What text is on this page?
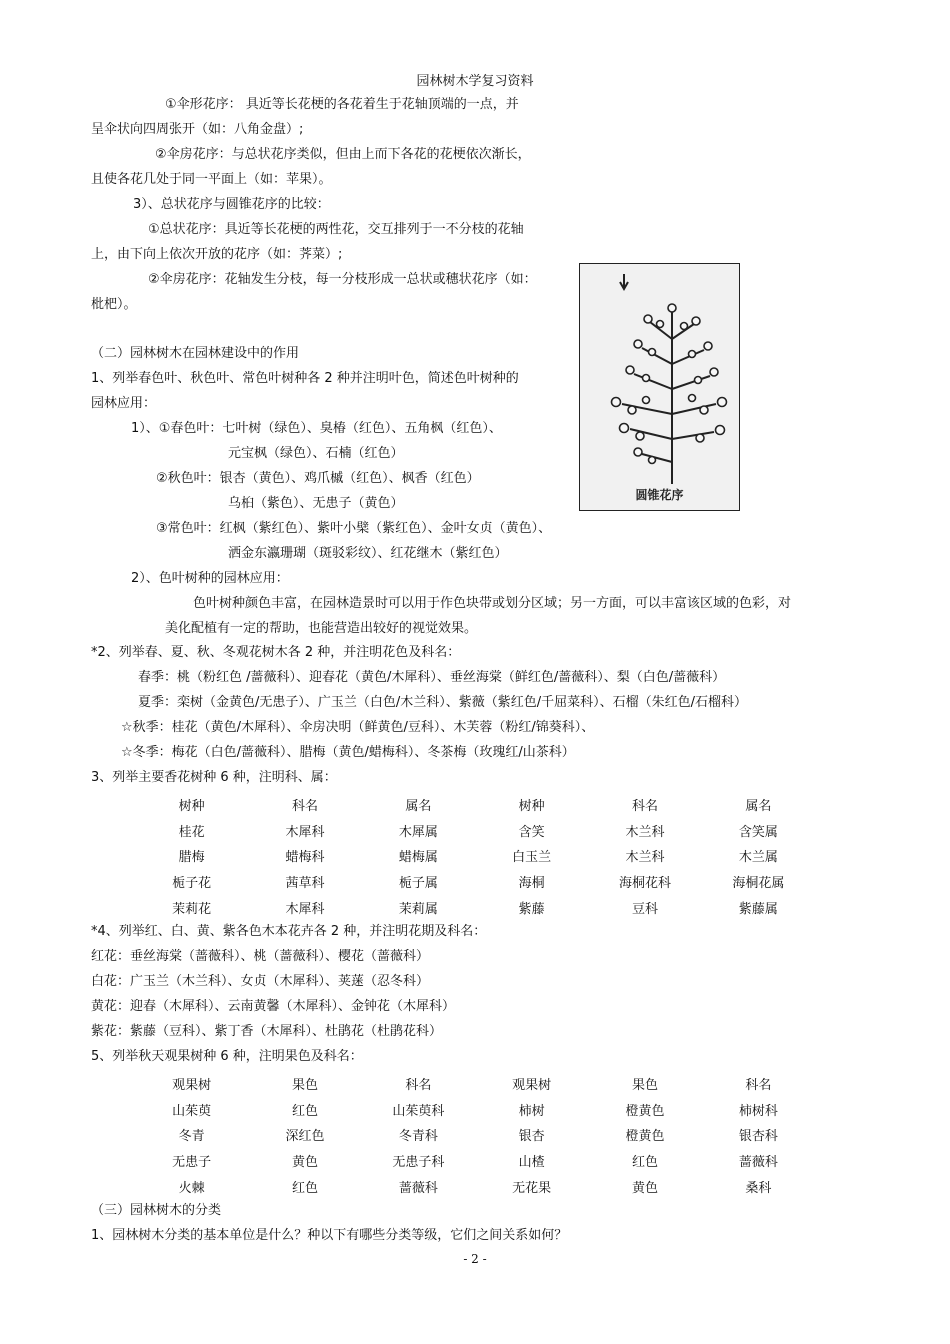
园林树木学复习资料
①伞形花序： 具近等长花梗的各花着生于花轴顶端的一点，并
呈伞状向四周张开（如：八角金盘）;
②伞房花序：与总状花序类似，但由上而下各花的花梗依次渐长，
且使各花几处于同一平面上（如：苹果）。
3）、总状花序与圆锥花序的比较：
①总状花序：具近等长花梗的两性花，交互排列于一不分枝的花轴
上，由下向上依次开放的花序（如：荠菜）;
②伞房花序：花轴发生分枝，每一分枝形成一总状或穗状花序（如：
枇杷）。
（二）园林树木在园林建设中的作用
1、列举春色叶、秋色叶、常色叶树种各 2 种并注明叶色，简述色叶树种的
园林应用：
1）、①春色叶：七叶树（绿色）、臭椿（红色）、五角枫（红色）、
元宝枫（绿色）、石楠（红色）
②秋色叶：银杏（黄色）、鸡爪槭（红色）、枫香（红色）
乌桕（紫色）、无患子（黄色）
③常色叶：红枫（紫红色）、紫叶小檗（紫红色）、金叶女贞（黄色）、
洒金东瀛珊瑚（斑驳彩纹）、红花继木（紫红色）
2）、色叶树种的园林应用：
色叶树种颜色丰富，在园林造景时可以用于作色块带或划分区域；另一方面，可以丰富该区域的色彩，对
美化配植有一定的帮助，也能营造出较好的视觉效果。
*2、列举春、夏、秋、冬观花树木各 2 种，并注明花色及科名：
春季：桃（粉红色 /蔷薇科）、迎春花（黄色/木犀科）、垂丝海棠（鲜红色/蔷薇科）、梨（白色/蔷薇科）
夏季：栾树（金黄色/无患子）、广玉兰（白色/木兰科）、紫薇（紫红色/千屈菜科）、石榴（朱红色/石榴科）
☆秋季：桂花（黄色/木犀科）、伞房决明（鲜黄色/豆科）、木芙蓉（粉红/锦葵科）、
☆冬季：梅花（白色/蔷薇科）、腊梅（黄色/蜡梅科）、冬茶梅（玫瑰红/山茶科）
3、列举主要香花树种 6 种，注明科、属：
树种	科名	属名	树种	科名	属名
桂花	木犀科	木犀属	含笑	木兰科	含笑属
腊梅	蜡梅科	蜡梅属	白玉兰	木兰科	木兰属
栀子花	茜草科	栀子属	海桐	海桐花科	海桐花属
茉莉花	木犀科	茉莉属	紫藤	豆科	紫藤属
*4、列举红、白、黄、紫各色木本花卉各 2 种，并注明花期及科名：
红花：垂丝海棠（蔷薇科）、桃（蔷薇科）、樱花（蔷薇科）
白花：广玉兰（木兰科）、女贞（木犀科）、荚蒾（忍冬科）
黄花：迎春（木犀科）、云南黄馨（木犀科）、金钟花（木犀科）
紫花：紫藤（豆科）、紫丁香（木犀科）、杜鹃花（杜鹃花科）
5、列举秋天观果树种 6 种，注明果色及科名：
观果树	果色	科名	观果树	果色	科名
山茱萸	红色	山茱萸科	柿树	橙黄色	柿树科
冬青	深红色	冬青科	银杏	橙黄色	银杏科
无患子	黄色	无患子科	山楂	红色	蔷薇科
火棘	红色	蔷薇科	无花果	黄色	桑科
（三）园林树木的分类
1、园林树木分类的基本单位是什么？种以下有哪些分类等级，它们之间关系如何？
圆锥花序
- 2 -
